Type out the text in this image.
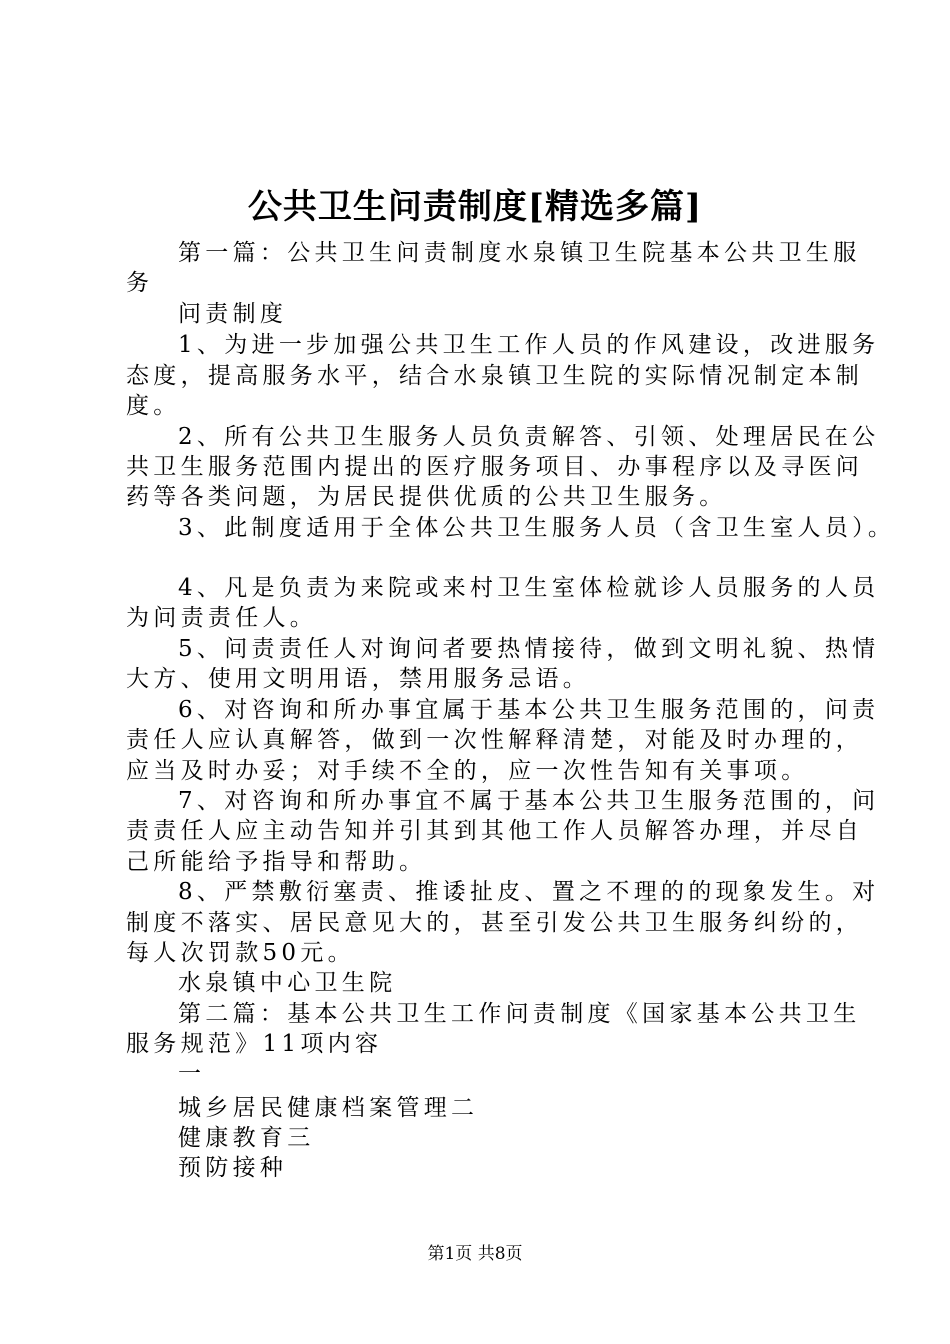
公共卫生问责制度[精选多篇]
第一篇：公共卫生问责制度水泉镇卫生院基本公共卫生服
务
问责制度
1、为进一步加强公共卫生工作人员的作风建设，改进服务
态度，提高服务水平，结合水泉镇卫生院的实际情况制定本制
度。
2、所有公共卫生服务人员负责解答、引领、处理居民在公
共卫生服务范围内提出的医疗服务项目、办事程序以及寻医问
药等各类问题，为居民提供优质的公共卫生服务。
3、此制度适用于全体公共卫生服务人员（含卫生室人员）。
4、凡是负责为来院或来村卫生室体检就诊人员服务的人员
为问责责任人。
5、问责责任人对询问者要热情接待，做到文明礼貌、热情
大方、使用文明用语，禁用服务忌语。
6、对咨询和所办事宜属于基本公共卫生服务范围的，问责
责任人应认真解答，做到一次性解释清楚，对能及时办理的，
应当及时办妥；对手续不全的，应一次性告知有关事项。
7、对咨询和所办事宜不属于基本公共卫生服务范围的，问
责责任人应主动告知并引其到其他工作人员解答办理，并尽自
己所能给予指导和帮助。
8、严禁敷衍塞责、推诿扯皮、置之不理的的现象发生。对
制度不落实、居民意见大的，甚至引发公共卫生服务纠纷的，
每人次罚款50元。
水泉镇中心卫生院
第二篇：基本公共卫生工作问责制度《国家基本公共卫生
服务规范》11项内容
一
城乡居民健康档案管理二
健康教育三
预防接种
第1页 共8页
